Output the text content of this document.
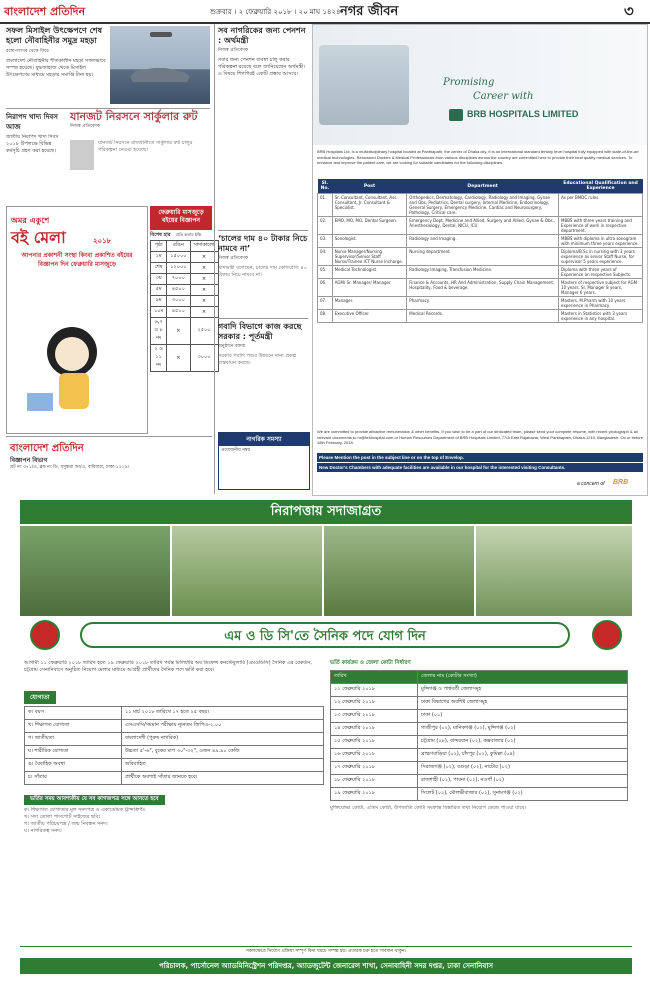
বাংলাদেশ প্রতিদিন	শুক্রবার । ২ ফেব্রুয়ারি ২০১৮ । ২০ মাঘ ১৪২৪ নগর জীবন	৩
সফল মিসাইল উৎক্ষেপণে শেষ হলো নৌবাহিনীর সমুদ্র মহড়া
বঙ্গোপসাগর থেকে ফিরে
বাংলাদেশ নৌবাহিনীর শীতকালীন মহড়া সফলভাবে সম্পন্ন হয়েছে। যুদ্ধজাহাজ থেকে মিসাইল উৎক্ষেপণের মাধ্যমে মহড়ার সমাপ্তি টানা হয়।
নিরাপদ খাদ্য দিবস আজ
জাতীয় নিরাপদ খাদ্য দিবস ২০১৮ উপলক্ষে বিভিন্ন কর্মসূচি গ্রহণ করা হয়েছে।
যানজট নিরসনে সার্কুলার রুট
নিজস্ব প্রতিবেদক
যানজট নিরসনে রাজধানীতে সার্কুলার রুট চালুর পরিকল্পনা নেওয়া হয়েছে।
অমর একুশে
বই মেলা	২০১৮
আপনার প্রকাশনী সংস্থা কিংবা প্রকাশিত বইয়ের বিজ্ঞাপন দিন ফেব্রুয়ারি মাসজুড়ে
ফেব্রুয়ারি মাসজুড়ে বইয়ের বিজ্ঞাপন
বিশেষ হার প্রতি কলাম ইঞ্চি
পৃষ্ঠা	রঙিন	সাদাকালো
১ম	১৫০০০	×
শেষ	১২০০০	×
৩য়	৭০০০	×
৫ম	৪৫০০	×
৯ম	৩০০০	×
১০ম	৪৫০০	×
৬,৭ ও ৮ নং	×	২৫০০
২ ও ১১ নং	×	৩০০০
বাংলাদেশ প্রতিদিন
বিজ্ঞাপন বিভাগ
প্লট নং ৩৭১/এ, ব্লক নং ডি, বসুন্ধরা আ/এ, বারিধারা, ঢাকা-১২২৯।
সব নাগরিকের জন্য পেনশন : অর্থমন্ত্রী
নিজস্ব প্রতিবেদক
সবার জন্য পেনশন ব্যবস্থা চালু করার পরিকল্পনা রয়েছে বলে জানিয়েছেন অর্থমন্ত্রী। এ বিষয়ে শিগগিরই একটি প্রস্তাব আসবে।
‘চালের দাম ৪০ টাকার নিচে নামবে না’
নিজস্ব প্রতিবেদক
খাদ্যমন্ত্রী বলেছেন, চালের দাম কেজিপ্রতি ৪০ টাকার নিচে নামবে না।
গবাদি বিভাগে কাজ করছে সরকার : পূর্তমন্ত্রী
অনুষ্ঠানে বক্তব্য
সরকার গবাদি পশুর উন্নয়নে নানা প্রকল্প বাস্তবায়ন করছে।
নাগরিক সমস্যা
প্রয়োজনীয় নম্বর
Promising
Career with
BRB HOSPITALS LIMITED
BRB Hospitals Ltd. is a multidisciplinary hospital located at Panthapath, the center of Dhaka city. It is an international standard tertiary level hospital fully equipped with state-of-the-art medical technologies. Renowned Doctors & Medical Professionals from various disciplines across the country are committed here to provide their best quality medical services. To enhance and improve the patient care, we are looking for suitable candidates for the following disciplines.
Sl. No.	Post	Department	Educational Qualification and Experience
01.	Sr. Consultant, Consultant, Ass. Consultant, Jr. Consultant & Specialist.	Orthopedics, Dermatology, Cardiology, Radiology and Imaging, Gynae and Obs, Pediatrics, Dental surgery, Internal Medicine, Endocrinology, General Surgery, Emergency Medicine, Cardiac and Neurosurgery, Pathology, Critical care.	As per BMDC rules.
02.	EMO, MO, MO, Dental Surgeon.	Emergency Dept. Medicine and Allied, Surgery and Allied, Gynae & Obs., Anesthesiology, Dental, NICU, ICU.	MBBS with three years training and Experience of work in respective department.
03.	Sonologist.	Radiology and Imaging.	MBBS with diploma in ultra sonogram with minimum three years experience.
04.	Nurse Manager/Nursing Supervisor/Senior Staff Nurse/Trainee ICT Nurse Incharge.	Nursing department.	Diploma/B.Sc in nursing with 3 years experience as senior Staff Nurse, for supervisor 5 years experience.
05.	Medical Technologist.	Radiology Imaging, Transfusion Medicine.	Diploma with three years of Experience on respective Subjects.
06.	AGM/ Sr. Manager/ Manager.	Finance & Accounts, HR And Administration, Supply Chain Management, Hospitality, Food & beverage.	Masters of respective subject for AGM 10 years, Sr. Manager 8 years, Manager 6 years.
07.	Manager.	Pharmacy.	Masters, M.Pharm with 10 years experience in Pharmacy.
08.	Executive Officer.	Medical Records.	Masters in Statistics with 3 years experience in any hospital.
We are committed to provide attractive remuneration & other benefits. If you wish to be a part of our dedicated team, please send your complete resume, with recent photograph & all relevant documents to hr@brbhospital.com or Human Resources Department of BRB Hospitals Limited, 77/A East Rajabazar, West Panthapath, Dhaka-1215, Bangladesh. On or before 18th February, 2018.
Please Mention the post in the subject line or on the top of Envelop.
New Doctor's Chambers with adequate facilities are available in our hospital for the interested visiting Consultants.
a concern of BRB
নিরাপত্তায় সদাজাগ্রত
এম ও ডি সি'তে সৈনিক পদে যোগ দিন
আগামী ১১ ফেব্রুয়ারি ২০১৮ তারিখ হতে ১৯ ফেব্রুয়ারি ২০১৮ তারিখ পর্যন্ত মিলিটারি অব ডিফেন্স কনস্টেবুলারি (এমওডিসি) সৈনিক এর রেকর্ডস, চট্টগ্রাম সেনানিবাসে অনুষ্ঠিত নিয়োগ মেলার মাধ্যমে আগ্রহী প্রার্থীদের সৈনিক পদে ভর্তি করা হবে।
যোগ্যতা
ক। বয়স	১১ মার্চ ২০১৮ তারিখে ১৭ হতে ২৫ বছর।
খ। শিক্ষাগত যোগ্যতা	এসএসসি/সমমান পরীক্ষায় ন্যূনতম জিপিএ-২.০০
গ। জাতীয়তা	বাংলাদেশী (পুরুষ নাগরিক)
ঘ। শারীরিক যোগ্যতা	উচ্চতা ৫'-৬", বুকের মাপ ৩০"-৩২", ওজন ৪৯.৯০ কেজি
ঙ। বৈবাহিক অবস্থা	অবিবাহিত
চ। সাঁতার	প্রার্থীকে অবশ্যই সাঁতার জানতে হবে।
ভর্তির সময় আবশ্যকীয় যে সব কাগজপত্র সঙ্গে আনতে হবে
ক। শিক্ষাগত যোগ্যতার মূল সনদপত্র ও একাডেমিক ট্রান্সক্রিপ্ট।
খ। সদ্য তোলা পাসপোর্ট সাইজের ছবি।
গ। জাতীয় পরিচয়পত্র / জন্ম নিবন্ধন সনদ।
ঘ। নাগরিকত্ব সনদ।
ভর্তি কার্যক্রম ও জেলা কোটা নির্ধারণ
তারিখ	জেলার নাম (কোটার সংখ্যা)
১১ ফেব্রুয়ারি ২০১৮	মুন্সিগঞ্জ ও পার্শ্ববর্তী জেলাসমূহ
১২ ফেব্রুয়ারি ২০১৮	ঢাকা বিভাগের অবশিষ্ট জেলাসমূহ
১৩ ফেব্রুয়ারি ২০১৮	ঢাকা (০১)
১৪ ফেব্রুয়ারি ২০১৮	গাজীপুর (০২), মানিকগঞ্জ (০২), মুন্সিগঞ্জ (০২)
১৫ ফেব্রুয়ারি ২০১৮	চট্টগ্রাম (০৮), বান্দরবান (০২), কক্সবাজার (০২)
১৬ ফেব্রুয়ারি ২০১৮	ব্রাহ্মণবাড়িয়া (০২), চাঁদপুর (০২), কুমিল্লা (০৪)
১৭ ফেব্রুয়ারি ২০১৮	সিরাজগঞ্জ (০২), বগুড়া (০২), নাটোর (০২)
১৮ ফেব্রুয়ারি ২০১৮	রাজশাহী (০২), পাবনা (০২), নওগাঁ (০২)
১৯ ফেব্রুয়ারি ২০১৮	সিলেট (০২), মৌলভীবাজার (০২), সুনামগঞ্জ (০২)
মুক্তিযোদ্ধা কোটা, এতিম কোটা, উপজাতি কোটা সংক্রান্ত বিস্তারিত তথ্য নিয়োগ কেন্দ্রে পাওয়া যাবে।
সকলক্ষেত্রে নিয়োগ প্রক্রিয়া সম্পূর্ণ বিনা খরচে সম্পন্ন হয়। প্রতারক চক্র হতে সাবধান থাকুন।
পরিচালক, পার্সোনেল অ্যাডমিনিস্ট্রেশন পরিদপ্তর, অ্যাডজুটেন্ট জেনারেল শাখা, সেনাবাহিনী সদর দপ্তর, ঢাকা সেনানিবাস
